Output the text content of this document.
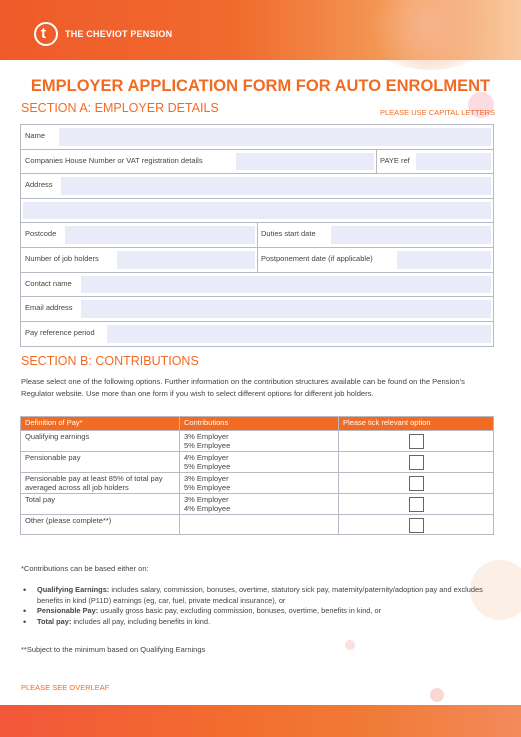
t THE CHEVIOT PENSION
EMPLOYER APPLICATION FORM FOR AUTO ENROLMENT
SECTION A: EMPLOYER DETAILS	PLEASE USE CAPITAL LETTERS
Name
Companies House Number or VAT registration details	PAYE ref
Address
Postcode	Duties start date
Number of job holders	Postponement date (if applicable)
Contact name
Email address
Pay reference period
SECTION B: CONTRIBUTIONS
Please select one of the following options. Further information on the contribution structures available can be found on the Pension’s Regulator website. Use more than one form if you wish to select different options for different job holders.
Definition of Pay*	Contributions	Please tick relevant option
Qualifying earnings	3% Employer
5% Employee	

Pensionable pay	4% Employer
5% Employee	

Pensionable pay at least 85% of total pay averaged across all job holders	3% Employer
5% Employee	

Total pay	3% Employer
4% Employee	

Other (please complete**)		
*Contributions can be based either on:
• Qualifying Earnings: includes salary, commission, bonuses, overtime, statutory sick pay, maternity/paternity/adoption pay and excludes benefits in kind (P11D) earnings (eg, car, fuel, private medical insurance), or
• Pensionable Pay: usually gross basic pay, excluding commission, bonuses, overtime, benefits in kind, or
• Total pay: includes all pay, including benefits in kind.
**Subject to the minimum based on Qualifying Earnings
PLEASE SEE OVERLEAF
